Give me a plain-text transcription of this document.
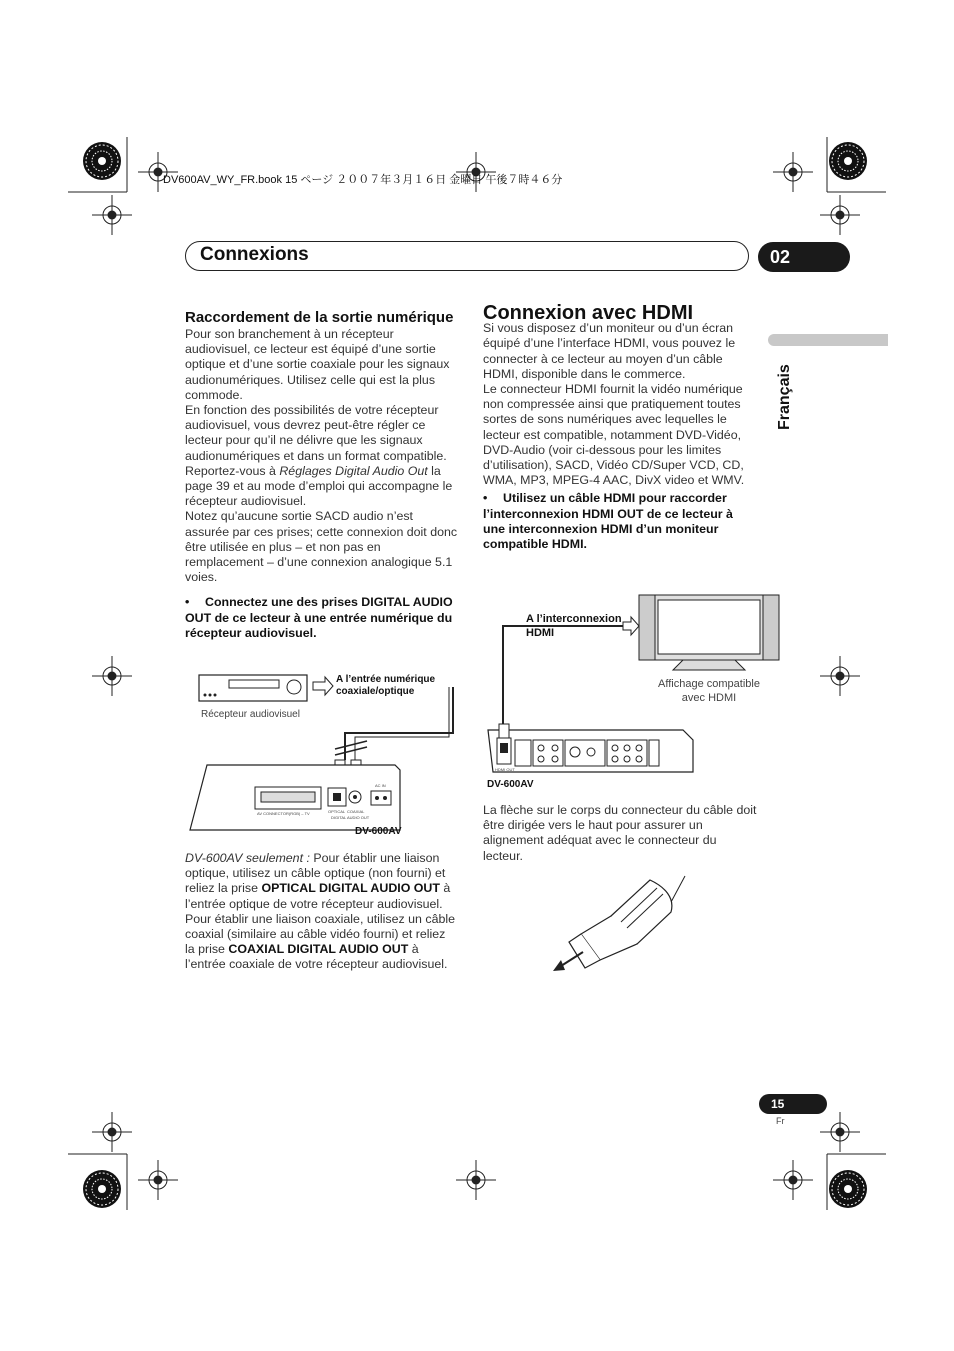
DV600AV_WY_FR.book 15 ページ ２００７年３月１６日 金曜日 午後７時４６分
Connexions	02
Français
Raccordement de la sortie numérique

Pour son branchement à un récepteur audiovisuel, ce lecteur est équipé d’une sortie optique et d’une sortie coaxiale pour les signaux audionumériques. Utilisez celle qui est la plus commode.

En fonction des possibilités de votre récepteur audiovisuel, vous devrez peut-être régler ce lecteur pour qu’il ne délivre que les signaux audionumériques et dans un format compatible. Reportez-vous à Réglages Digital Audio Out la page 39 et au mode d’emploi qui accompagne le récepteur audiovisuel.

Notez qu’aucune sortie SACD audio n’est assurée par ces prises; cette connexion doit donc être utilisée en plus – et non pas en remplacement – d’une connexion analogique 5.1 voies.

• Connectez une des prises DIGITAL AUDIO OUT de ce lecteur à une entrée numérique du récepteur audiovisuel.

AV CONNECTOR(RGB) – TV	OPTICAL COAXIAL
DIGITAL AUDIO OUT
AC IN
A l’entrée numérique coaxiale/optique
Récepteur audiovisuel
DV-600AV

DV-600AV seulement : Pour établir une liaison optique, utilisez un câble optique (non fourni) et reliez la prise OPTICAL DIGITAL AUDIO OUT à l’entrée optique de votre récepteur audiovisuel.

Pour établir une liaison coaxiale, utilisez un câble coaxial (similaire au câble vidéo fourni) et reliez la prise COAXIAL DIGITAL AUDIO OUT à l’entrée coaxiale de votre récepteur audiovisuel.

Connexion avec HDMI

Si vous disposez d’un moniteur ou d’un écran équipé d’une l’interface HDMI, vous pouvez le connecter à ce lecteur au moyen d’un câble HDMI, disponible dans le commerce.

Le connecteur HDMI fournit la vidéo numérique non compressée ainsi que pratiquement toutes sortes de sons numériques avec lequelles le lecteur est compatible, notamment DVD-Vidéo, DVD-Audio (voir ci-dessous pour les limites d’utilisation), SACD, Vidéo CD/Super VCD, CD, WMA, MP3, MPEG-4 AAC, DivX video et WMV.

• Utilisez un câble HDMI pour raccorder l’interconnexion HDMI OUT de ce lecteur à une interconnexion HDMI d’un moniteur compatible HDMI.

HDMI OUT
A l’interconnexion HDMI
Affichage compatible avec HDMI
DV-600AV

La flèche sur le corps du connecteur du câble doit être dirigée vers le haut pour assurer un alignement adéquat avec le connecteur du lecteur.

15
Fr
